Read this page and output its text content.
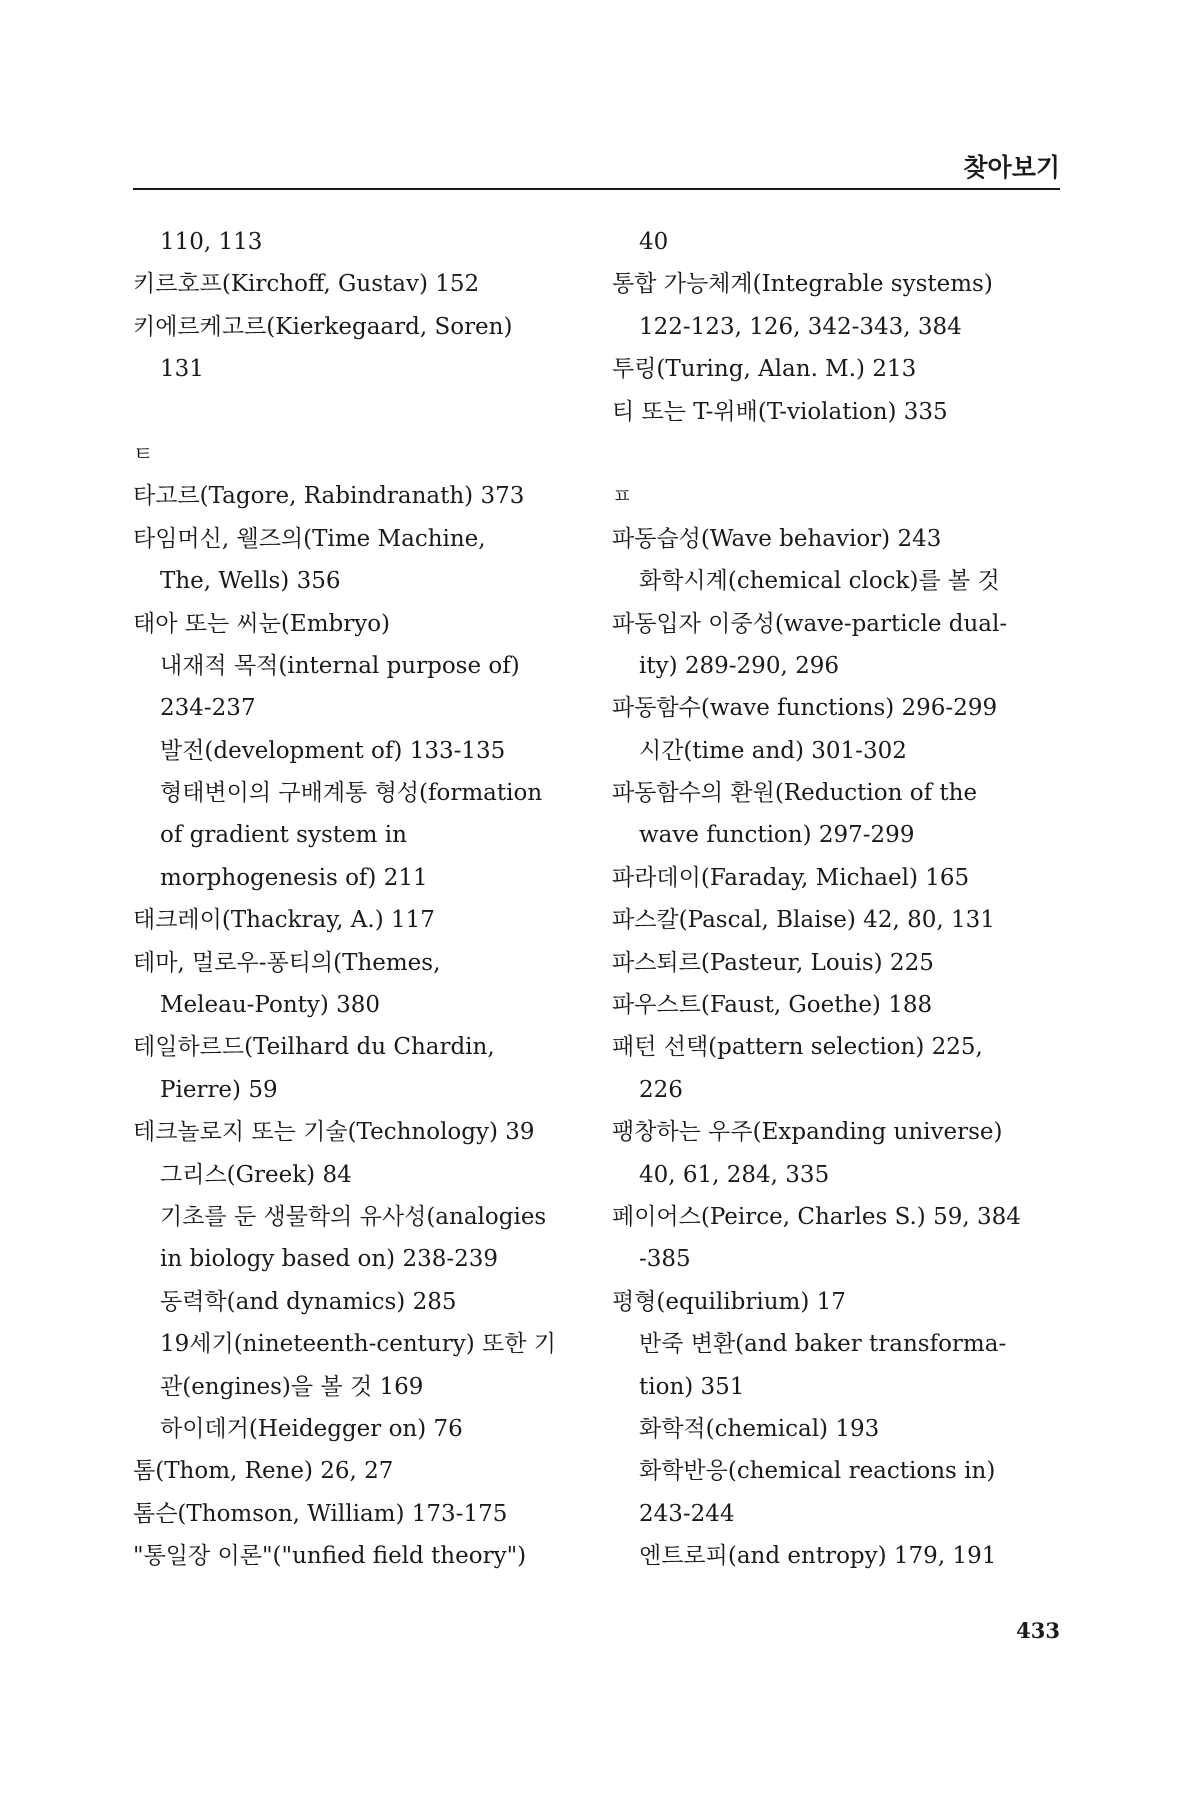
찾아보기
110, 113
키르호프(Kirchoff, Gustav) 152
키에르케고르(Kierkegaard, Soren)
131
ㅌ
타고르(Tagore, Rabindranath) 373
타임머신, 웰즈의(Time Machine,
The, Wells) 356
태아 또는 씨눈(Embryo)
내재적 목적(internal purpose of)
234-237
발전(development of) 133-135
형태변이의 구배계통 형성(formation
of gradient system in
morphogenesis of) 211
태크레이(Thackray, A.) 117
테마, 멀로우-퐁티의(Themes,
Meleau-Ponty) 380
테일하르드(Teilhard du Chardin,
Pierre) 59
테크놀로지 또는 기술(Technology) 39
그리스(Greek) 84
기초를 둔 생물학의 유사성(analogies
in biology based on) 238-239
동력학(and dynamics) 285
19세기(nineteenth-century) 또한 기
관(engines)을 볼 것 169
하이데거(Heidegger on) 76
톰(Thom, Rene) 26, 27
톰슨(Thomson, William) 173-175
"통일장 이론"("unfied field theory")
40
통합 가능체계(Integrable systems)
122-123, 126, 342-343, 384
투링(Turing, Alan. M.) 213
티 또는 T-위배(T-violation) 335
ㅍ
파동습성(Wave behavior) 243
화학시계(chemical clock)를 볼 것
파동입자 이중성(wave-particle dual-
ity) 289-290, 296
파동함수(wave functions) 296-299
시간(time and) 301-302
파동함수의 환원(Reduction of the
wave function) 297-299
파라데이(Faraday, Michael) 165
파스칼(Pascal, Blaise) 42, 80, 131
파스퇴르(Pasteur, Louis) 225
파우스트(Faust, Goethe) 188
패턴 선택(pattern selection) 225,
226
팽창하는 우주(Expanding universe)
40, 61, 284, 335
페이어스(Peirce, Charles S.) 59, 384
-385
평형(equilibrium) 17
반죽 변환(and baker transforma-
tion) 351
화학적(chemical) 193
화학반응(chemical reactions in)
243-244
엔트로피(and entropy) 179, 191
433
